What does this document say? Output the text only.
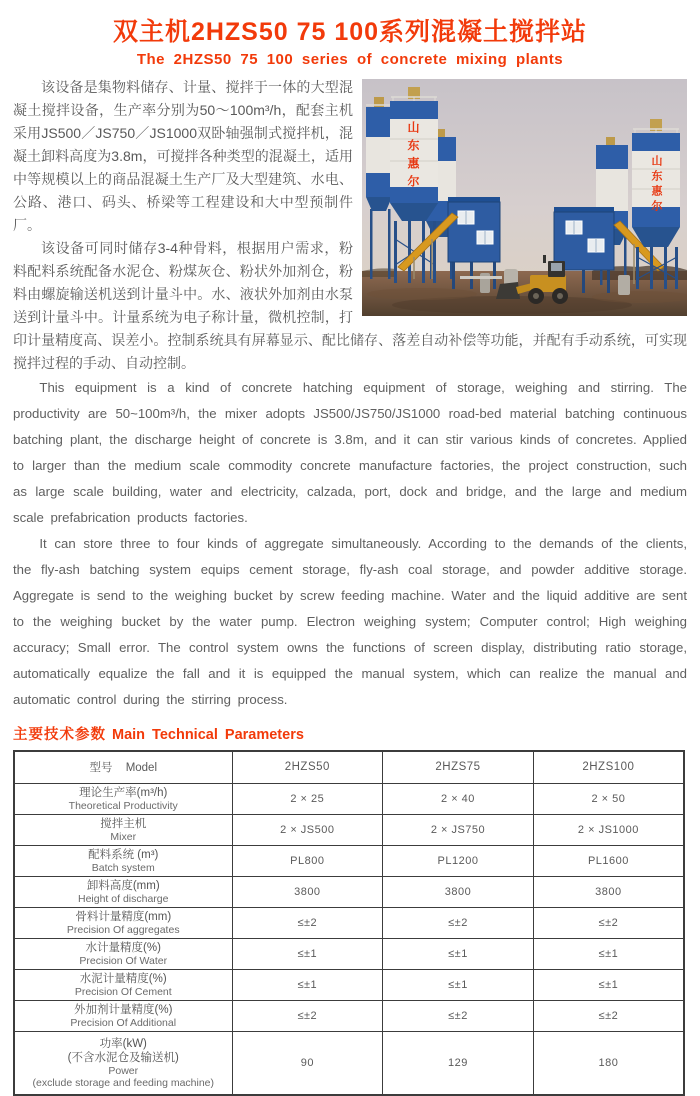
双主机2HZS50 75 100系列混凝土搅拌站
The 2HZS50 75 100 series of concrete mixing plants
山东惠尔	山东惠尔

该设备是集物料储存、计量、搅拌于一体的大型混凝土搅拌设备，生产率分别为50～100m³/h，配套主机采用JS500／JS750／JS1000双卧轴强制式搅拌机，混凝土卸料高度为3.8m，可搅拌各种类型的混凝土，适用中等规模以上的商品混凝土生产厂及大型建筑、水电、公路、港口、码头、桥梁等工程建设和大中型预制件厂。

该设备可同时储存3-4种骨料，根据用户需求，粉料配料系统配备水泥仓、粉煤灰仓、粉状外加剂仓，粉料由螺旋输送机送到计量斗中。水、液状外加剂由水泵送到计量斗中。计量系统为电子称计量，微机控制，打印计量精度高、误差小。控制系统具有屏幕显示、配比储存、落差自动补偿等功能，并配有手动系统，可实现搅拌过程的手动、自动控制。

This equipment is a kind of concrete hatching equipment of storage, weighing and stirring. The productivity are 50~100m³/h, the mixer adopts JS500/JS750/JS1000 road-bed material batching continuous batching plant, the discharge height of concrete is 3.8m, and it can stir various kinds of concretes. Applied to larger than the medium scale commodity concrete manufacture factories, the project construction, such as large scale building, water and electricity, calzada, port, dock and bridge, and the large and medium scale prefabrication products factories.

It can store three to four kinds of aggregate simultaneously. According to the demands of the clients, the fly-ash batching system equips cement storage, fly-ash coal storage, and powder additive storage. Aggregate is send to the weighing bucket by screw feeding machine. Water and the liquid additive are sent to the weighing bucket by the water pump. Electron weighing system; Computer control; High weighing accuracy; Small error. The control system owns the functions of screen display, distributing ratio storage, automatically equalize the fall and it is equipped the manual system, which can realize the manual and automatic control during the stirring process.

主要技术参数 Main Technical Parameters
型号 Model	2HZS50	2HZS75	2HZS100

理论生产率(m³/h)
Theoretical Productivity	2 × 25	2 × 40	2 × 50

搅拌主机
Mixer	2 × JS500	2 × JS750	2 × JS1000

配料系统 (m³)
Batch system	PL800	PL1200	PL1600

卸料高度(mm)
Height of discharge	3800	3800	3800

骨料计量精度(mm)
Precision Of aggregates	≤±2	≤±2	≤±2

水计量精度(%)
Precision Of Water	≤±1	≤±1	≤±1

水泥计量精度(%)
Precision Of Cement	≤±1	≤±1	≤±1

外加剂计量精度(%)
Precision Of Additional	≤±2	≤±2	≤±2

功率(kW)
(不含水泥仓及输送机)
Power
(exclude storage and feeding machine)	90	129	180
